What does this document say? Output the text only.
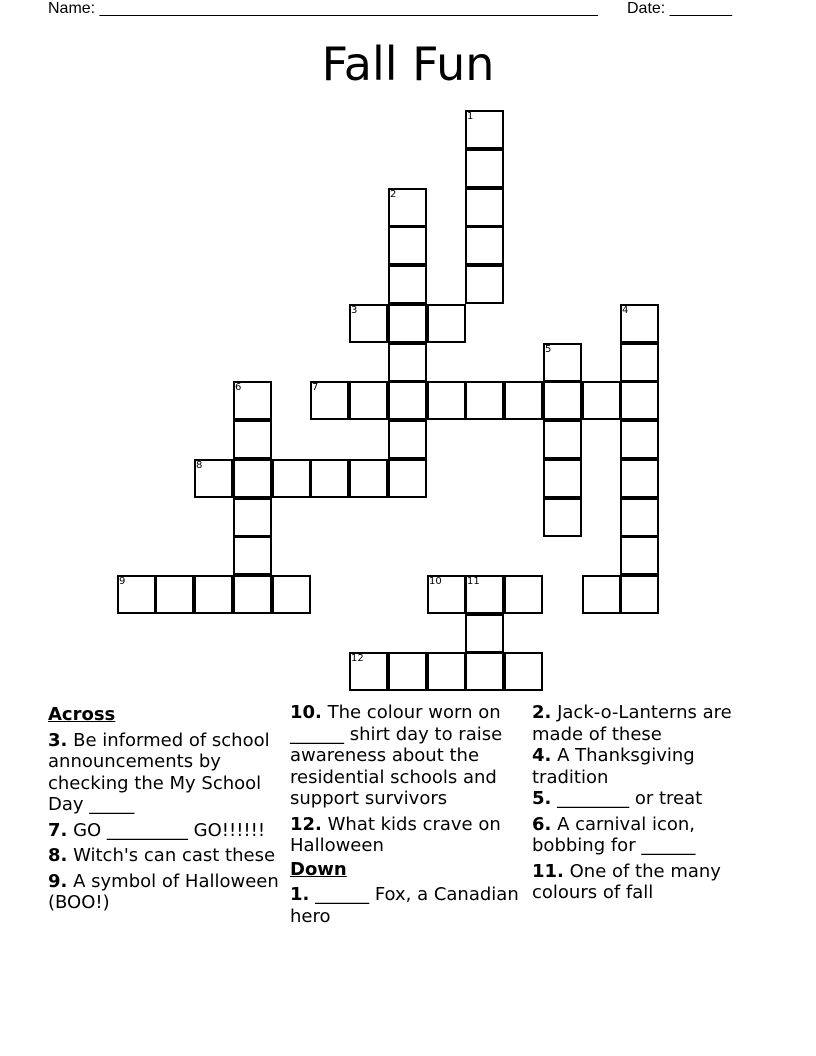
Name: ________________________________________________________ Date: _______
Fall Fun
1
2
3	4
5
6	7
8
9	10	11
12
Across
3. Be informed of school announcements by checking the My School Day _____
7. GO _________ GO!!!!!!
8. Witch's can cast these
9. A symbol of Halloween (BOO!)
10. The colour worn on ______ shirt day to raise awareness about the residential schools and support survivors
12. What kids crave on Halloween
Down
1. ______ Fox, a Canadian hero
2. Jack-o-Lanterns are made of these
4. A Thanksgiving tradition
5. ________ or treat
6. A carnival icon, bobbing for ______
11. One of the many colours of fall
